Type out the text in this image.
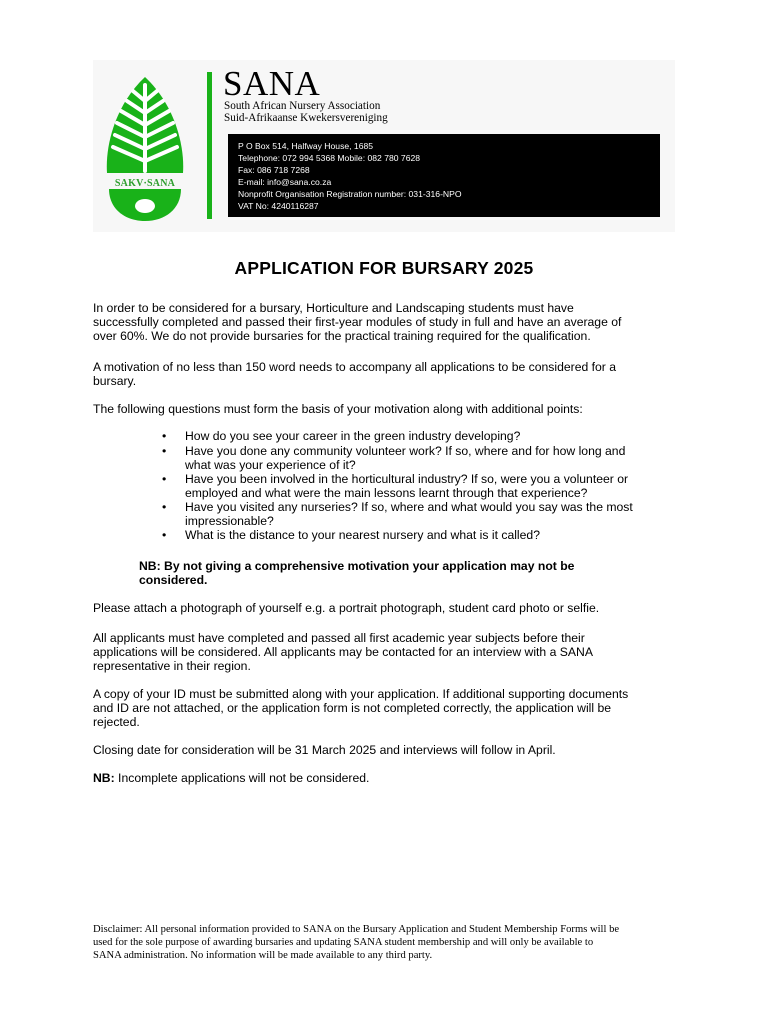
SAKV·SANA
SANA
South African Nursery Association
Suid-Afrikaanse Kwekersvereniging
P O Box 514, Halfway House, 1685
Telephone: 072 994 5368 Mobile: 082 780 7628
Fax: 086 718 7268
E-mail: info@sana.co.za
Nonprofit Organisation Registration number: 031-316-NPO
VAT No: 4240116287
APPLICATION FOR BURSARY 2025
In order to be considered for a bursary, Horticulture and Landscaping students must have
successfully completed and passed their first-year modules of study in full and have an average of
over 60%. We do not provide bursaries for the practical training required for the qualification.
A motivation of no less than 150 word needs to accompany all applications to be considered for a
bursary.
The following questions must form the basis of your motivation along with additional points:
• How do you see your career in the green industry developing?
• Have you done any community volunteer work? If so, where and for how long and
what was your experience of it?
• Have you been involved in the horticultural industry? If so, were you a volunteer or
employed and what were the main lessons learnt through that experience?
• Have you visited any nurseries? If so, where and what would you say was the most
impressionable?
• What is the distance to your nearest nursery and what is it called?
NB: By not giving a comprehensive motivation your application may not be
considered.
Please attach a photograph of yourself e.g. a portrait photograph, student card photo or selfie.
All applicants must have completed and passed all first academic year subjects before their
applications will be considered. All applicants may be contacted for an interview with a SANA
representative in their region.
A copy of your ID must be submitted along with your application. If additional supporting documents
and ID are not attached, or the application form is not completed correctly, the application will be
rejected.
Closing date for consideration will be 31 March 2025 and interviews will follow in April.
NB: Incomplete applications will not be considered.
Disclaimer: All personal information provided to SANA on the Bursary Application and Student Membership Forms will be
used for the sole purpose of awarding bursaries and updating SANA student membership and will only be available to
SANA administration. No information will be made available to any third party.
